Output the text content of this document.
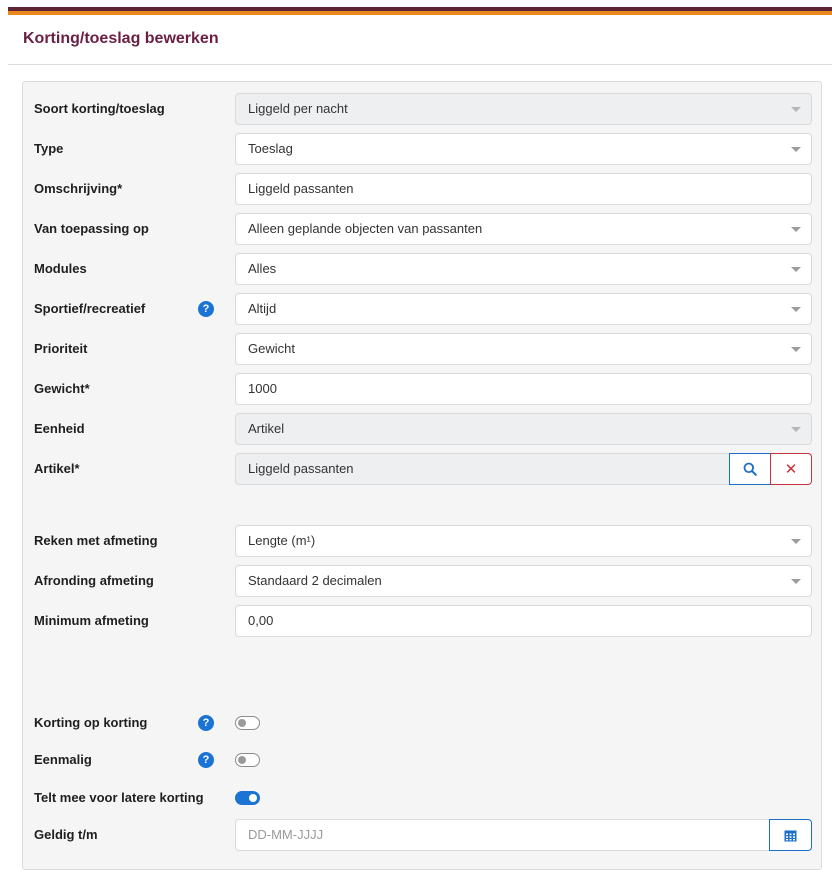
Korting/toeslag bewerken
Soort korting/toeslag	Liggeld per nacht
Type	Toeslag
Omschrijving*	Liggeld passanten
Van toepassing op	Alleen geplande objecten van passanten
Modules	Alles
Sportief/recreatief	?	Altijd
Prioriteit	Gewicht
Gewicht*	1000
Eenheid	Artikel
Artikel*	Liggeld passanten	✕
Reken met afmeting	Lengte (m¹)
Afronding afmeting	Standaard 2 decimalen
Minimum afmeting	0,00
Korting op korting	?
Eenmalig	?
Telt mee voor latere korting
Geldig t/m	DD-MM-JJJJ
